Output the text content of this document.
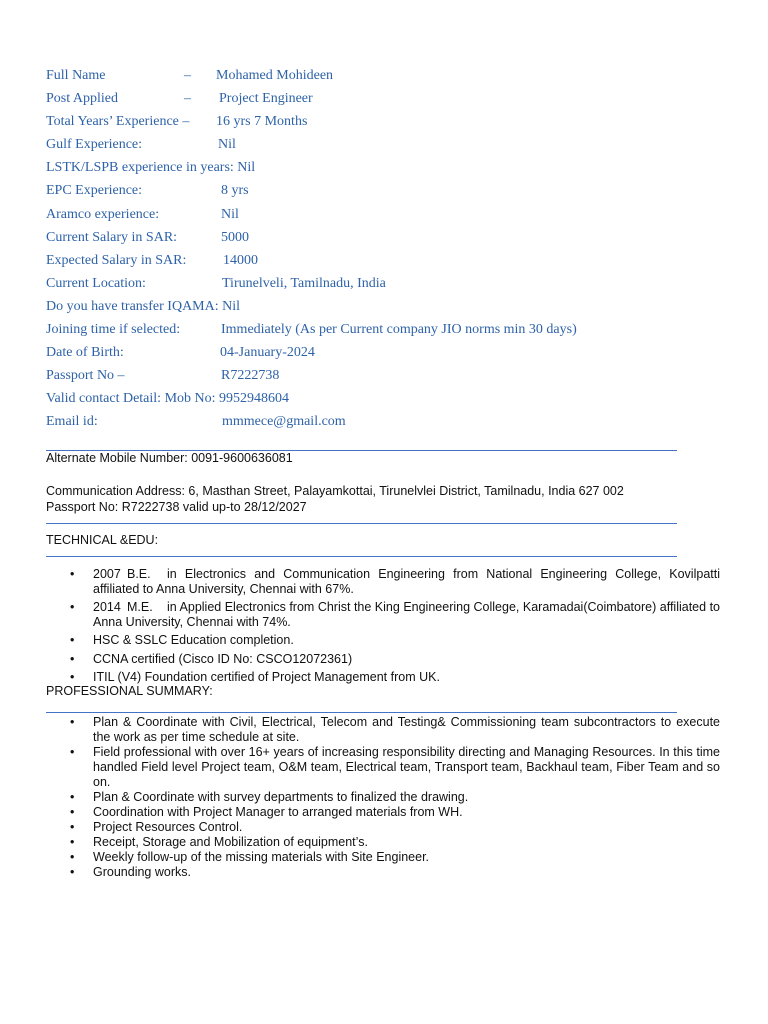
Full Name	– Mohamed Mohideen
Post Applied	– Project Engineer
Total Years’ Experience – 16 yrs 7 Months
Gulf Experience:	Nil
LSTK/LSPB experience in years: Nil
EPC Experience:	8 yrs
Aramco experience:	Nil
Current Salary in SAR:	5000
Expected Salary in SAR:	14000
Current Location:	Tirunelveli, Tamilnadu, India
Do you have transfer IQAMA: Nil
Joining time if selected:	Immediately (As per Current company JIO norms min 30 days)
Date of Birth:	04-January-2024
Passport No –	R7222738
Valid contact Detail: Mob No: 9952948604
Email id:	mmmece@gmail.com
Alternate Mobile Number: 0091-9600636081
Communication Address: 6, Masthan Street, Palayamkottai, Tirunelvlei District, Tamilnadu, India 627 002
Passport No: R7222738 valid up-to 28/12/2027
TECHNICAL &EDU:
• 2007 B.E. in Electronics and Communication Engineering from National Engineering College, Kovilpatti affiliated to Anna University, Chennai with 67%.
• 2014 M.E. in Applied Electronics from Christ the King Engineering College, Karamadai(Coimbatore) affiliated to Anna University, Chennai with 74%.
• HSC & SSLC Education completion.
• CCNA certified (Cisco ID No: CSCO12072361)
• ITIL (V4) Foundation certified of Project Management from UK.
PROFESSIONAL SUMMARY:
• Plan & Coordinate with Civil, Electrical, Telecom and Testing& Commissioning team subcontractors to execute the work as per time schedule at site.
• Field professional with over 16+ years of increasing responsibility directing and Managing Resources. In this time handled Field level Project team, O&M team, Electrical team, Transport team, Backhaul team, Fiber Team and so on.
• Plan & Coordinate with survey departments to finalized the drawing.
• Coordination with Project Manager to arranged materials from WH.
• Project Resources Control.
• Receipt, Storage and Mobilization of equipment’s.
• Weekly follow-up of the missing materials with Site Engineer.
• Grounding works.
